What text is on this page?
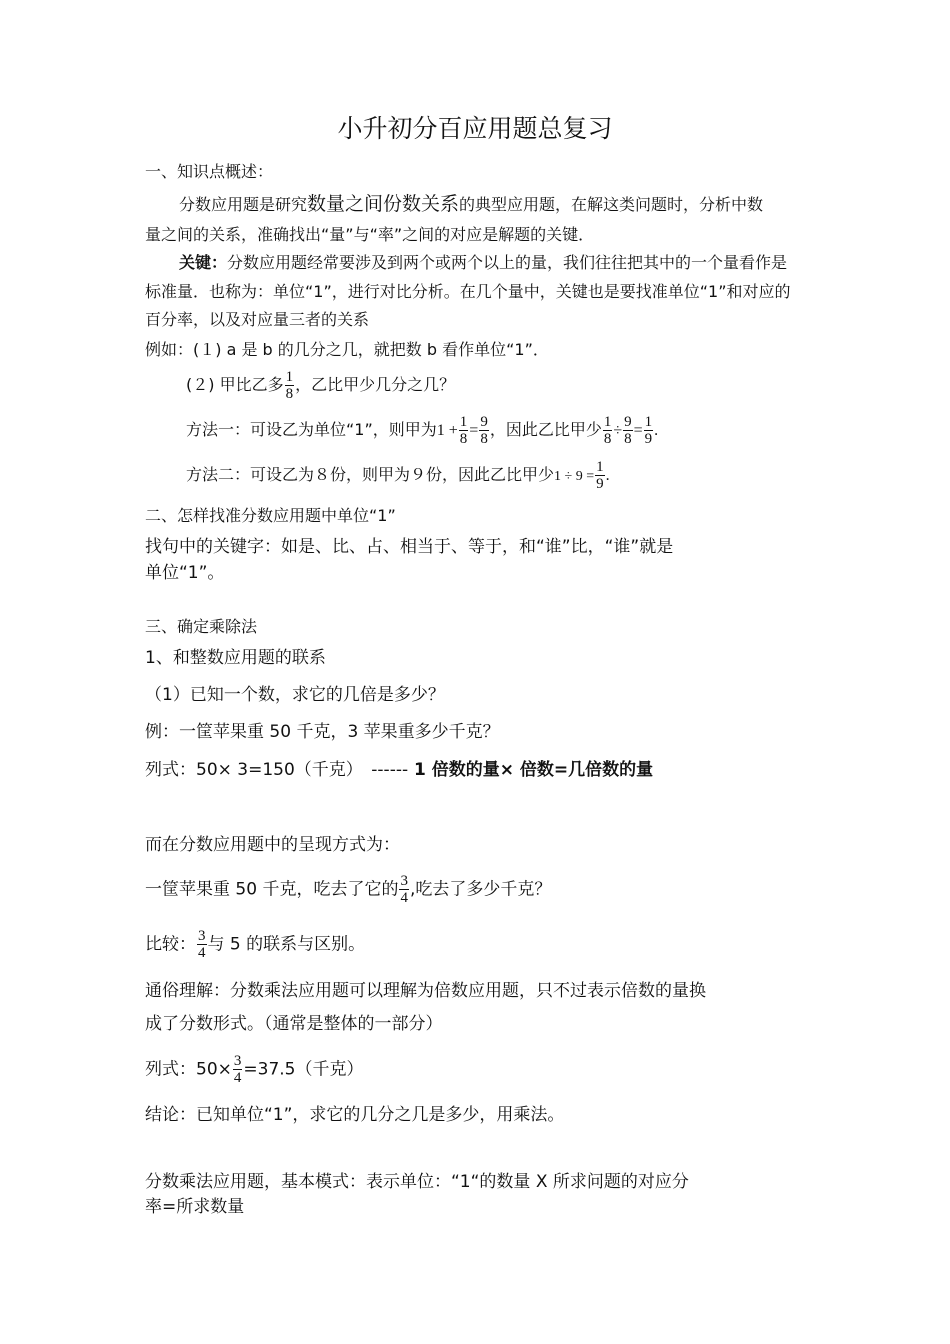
小升初分百应用题总复习
一、知识点概述：
分数应用题是研究数量之间份数关系的典型应用题，在解这类问题时，分析中数
量之间的关系，准确找出“量”与“率”之间的对应是解题的关键．
关键：分数应用题经常要涉及到两个或两个以上的量，我们往往把其中的一个量看作是
标准量．也称为：单位“1”，进行对比分析。在几个量中，关键也是要找准单位“1”和对应的
百分率，以及对应量三者的关系
例如：(１) a 是 b 的几分之几，就把数 b 看作单位“1”．
(２) 甲比乙多 $\frac{1}{8}$ ，乙比甲少几分之几？
方法一：可设乙为单位“1”，则甲为$1 + \frac{1}{8} = \frac{9}{8}$ ，因此乙比甲少 $\frac{1}{8} \div \frac{9}{8} = \frac{1}{9}$ .
方法二：可设乙为８份，则甲为９份，因此乙比甲少$1 \div 9 = \frac{1}{9}$ .
二、怎样找准分数应用题中单位“1”
找句中的关键字：如是、比、占、相当于、等于，和“谁”比，“谁”就是
单位“1”。
三、确定乘除法
1、和整数应用题的联系
（1）已知一个数，求它的几倍是多少？
例：一筐苹果重 50 千克，3 苹果重多少千克？
列式：50× 3=150（千克）　------ 1 倍数的量× 倍数=几倍数的量
而在分数应用题中的呈现方式为：
一筐苹果重 50 千克，吃去了它的 $\frac{3}{4}$ ,吃去了多少千克？
比较： $\frac{3}{4}$ 与 5 的联系与区别。
通俗理解：分数乘法应用题可以理解为倍数应用题，只不过表示倍数的量换
成了分数形式。（通常是整体的一部分）
列式：$50\times \frac{3}{4} =37.5$（千克）
结论：已知单位“1”，求它的几分之几是多少，用乘法。
分数乘法应用题，基本模式：表示单位：“1“的数量 X 所求问题的对应分
率=所求数量
